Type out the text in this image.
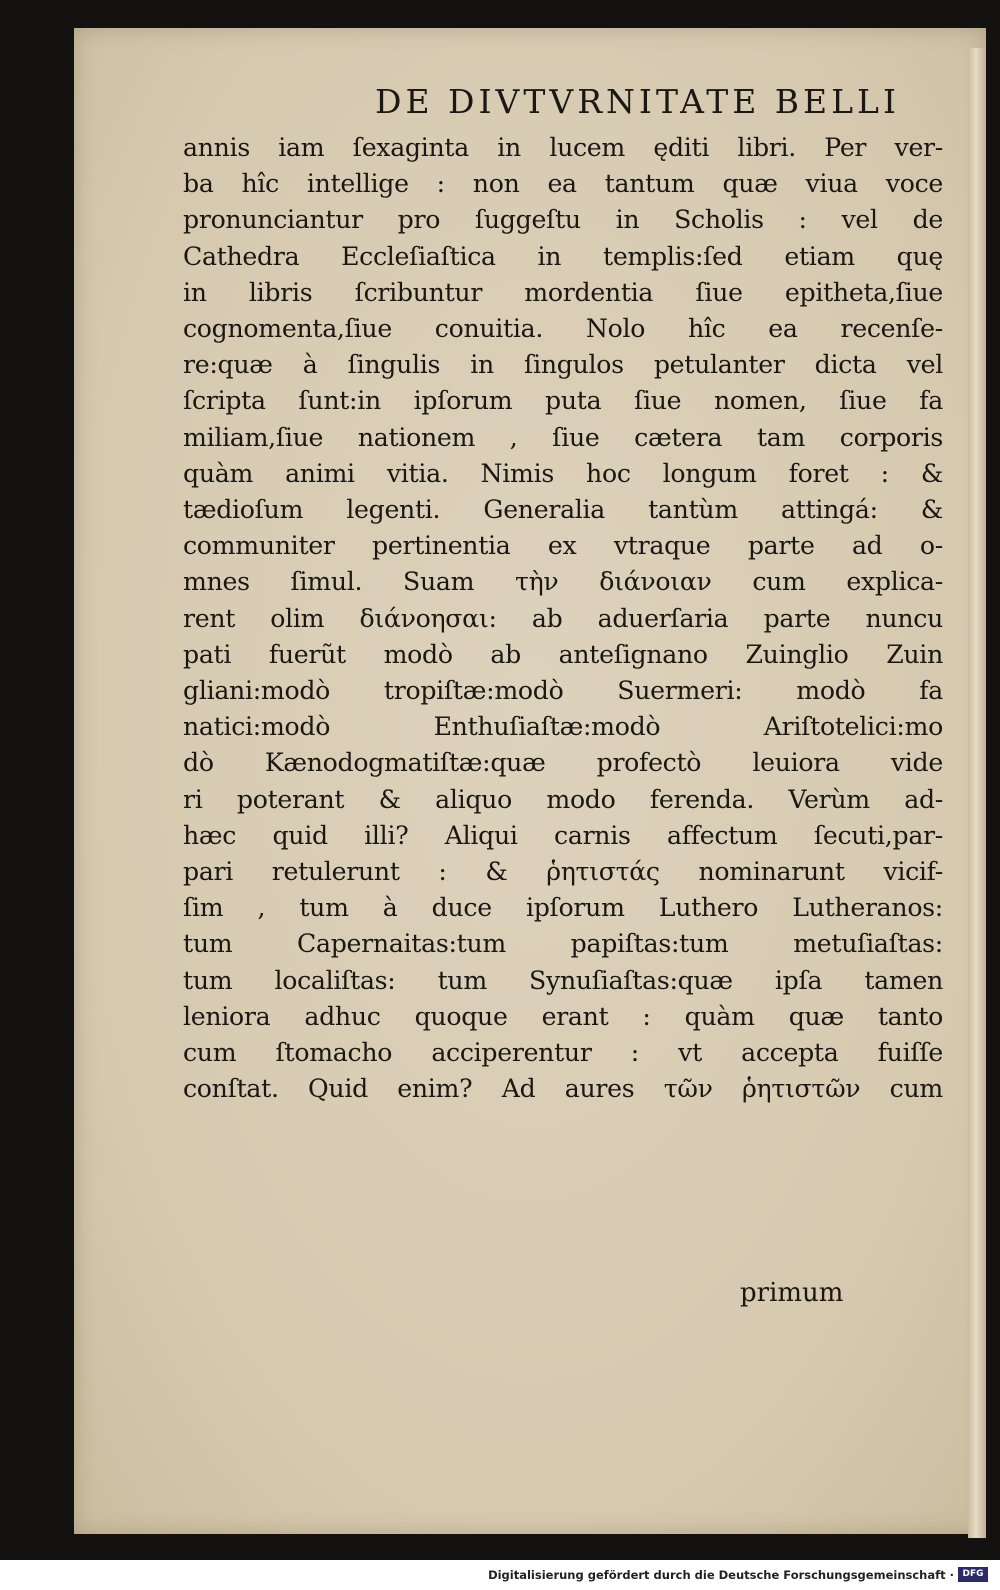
DE DIVTVRNITATE BELLI
annis iam ſexaginta in lucem ęditi libri. Per ver-
ba hîc intellige : non ea tantum quæ viua voce
pronunciantur pro ſuggeſtu in Scholis : vel de
Cathedra Eccleſiaſtica in templis:ſed etiam quę
in libris ſcribuntur mordentia ſiue epitheta,ſiue
cognomenta,ſiue conuitia. Nolo hîc ea recenſe-
re:quæ à ſingulis in ſingulos petulanter dicta vel
ſcripta ſunt:in ipſorum puta ſiue nomen, ſiue fa
miliam,ſiue nationem , ſiue cætera tam corporis
quàm animi vitia. Nimis hoc longum foret : &
tædioſum legenti. Generalia tantùm attingá: &
communiter pertinentia ex vtraque parte ad o-
mnes ſimul. Suam τὴν διάνοιαν cum explica-
rent olim διάνοησαι: ab aduerſaria parte nuncu
pati fuerũt modò ab anteſignano Zuinglio Zuin
gliani:modò tropiſtæ:modò Suermeri: modò fa
natici:modò Enthuſiaſtæ:modò Ariſtotelici:mo
dò Kænodogmatiſtæ:quæ profectò leuiora vide
ri poterant & aliquo modo ferenda. Verùm ad-
hæc quid illi? Aliqui carnis affectum ſecuti,par-
pari retulerunt : & ῥητιστάς nominarunt vicif-
ſim , tum à duce ipſorum Luthero Lutheranos:
tum Capernaitas:tum papiſtas:tum metuſiaſtas:
tum localiſtas: tum Synuſiaſtas:quæ ipſa tamen
leniora adhuc quoque erant : quàm quæ tanto
cum ſtomacho acciperentur : vt accepta fuiſſe
conſtat. Quid enim? Ad aures τῶν ῥητιστῶν cum
primum
Digitalisierung gefördert durch die Deutsche Forschungsgemeinschaft · DFG
